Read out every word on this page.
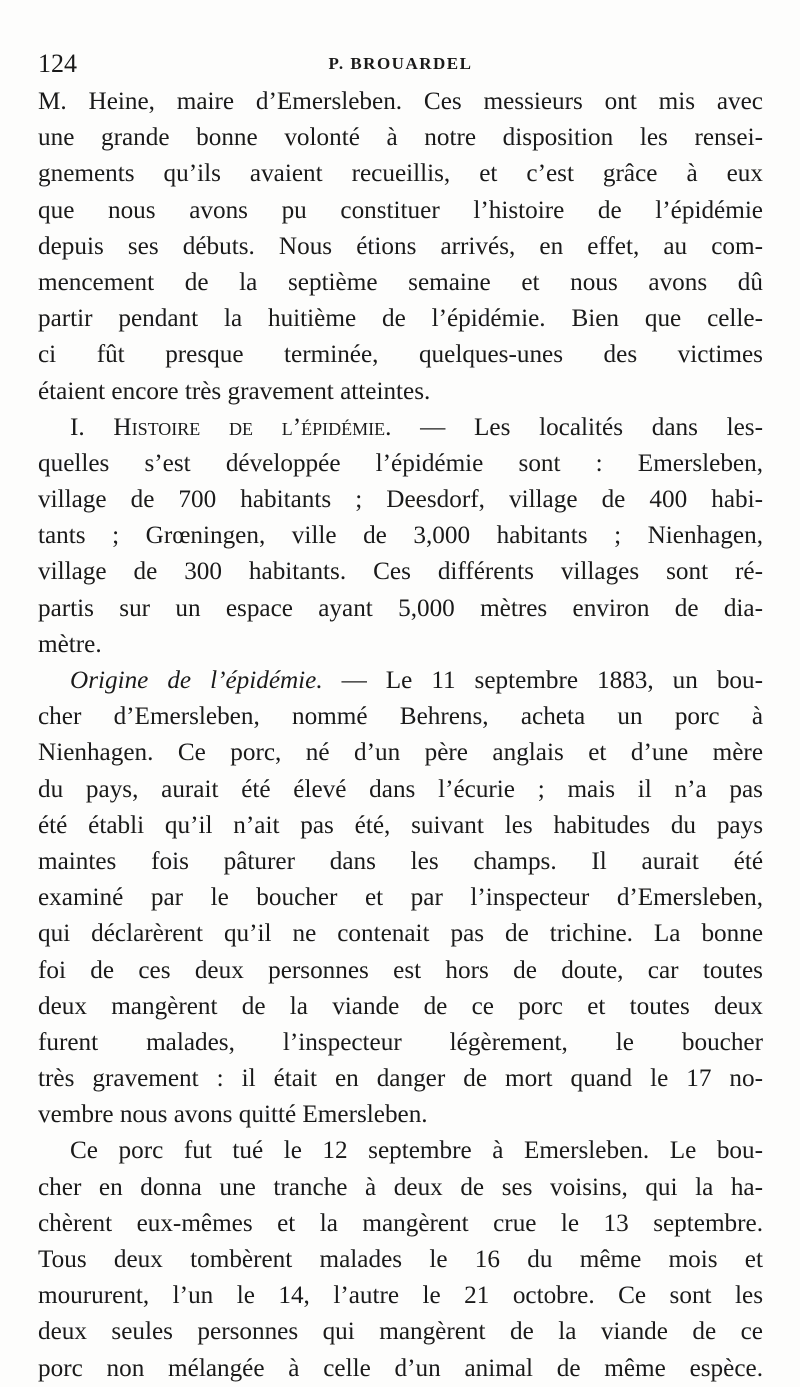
124	P. BROUARDEL

M. Heine, maire d’Emersleben. Ces messieurs ont mis avec
une grande bonne volonté à notre disposition les rensei-
gnements qu’ils avaient recueillis, et c’est grâce à eux
que nous avons pu constituer l’histoire de l’épidémie
depuis ses débuts. Nous étions arrivés, en effet, au com-
mencement de la septième semaine et nous avons dû
partir pendant la huitième de l’épidémie. Bien que celle-
ci fût presque terminée, quelques-unes des victimes
étaient encore très gravement atteintes.

I. Histoire de l’épidémie. — Les localités dans les-
quelles s’est développée l’épidémie sont : Emersleben,
village de 700 habitants ; Deesdorf, village de 400 habi-
tants ; Grœningen, ville de 3,000 habitants ; Nienhagen,
village de 300 habitants. Ces différents villages sont ré-
partis sur un espace ayant 5,000 mètres environ de dia-
mètre.

Origine de l’épidémie. — Le 11 septembre 1883, un bou-
cher d’Emersleben, nommé Behrens, acheta un porc à
Nienhagen. Ce porc, né d’un père anglais et d’une mère
du pays, aurait été élevé dans l’écurie ; mais il n’a pas
été établi qu’il n’ait pas été, suivant les habitudes du pays
maintes fois pâturer dans les champs. Il aurait été
examiné par le boucher et par l’inspecteur d’Emersleben,
qui déclarèrent qu’il ne contenait pas de trichine. La bonne
foi de ces deux personnes est hors de doute, car toutes
deux mangèrent de la viande de ce porc et toutes deux
furent malades, l’inspecteur légèrement, le boucher
très gravement : il était en danger de mort quand le 17 no-
vembre nous avons quitté Emersleben.

Ce porc fut tué le 12 septembre à Emersleben. Le bou-
cher en donna une tranche à deux de ses voisins, qui la ha-
chèrent eux-mêmes et la mangèrent crue le 13 septembre.
Tous deux tombèrent malades le 16 du même mois et
moururent, l’un le 14, l’autre le 21 octobre. Ce sont les
deux seules personnes qui mangèrent de la viande de ce
porc non mélangée à celle d’un animal de même espèce.
